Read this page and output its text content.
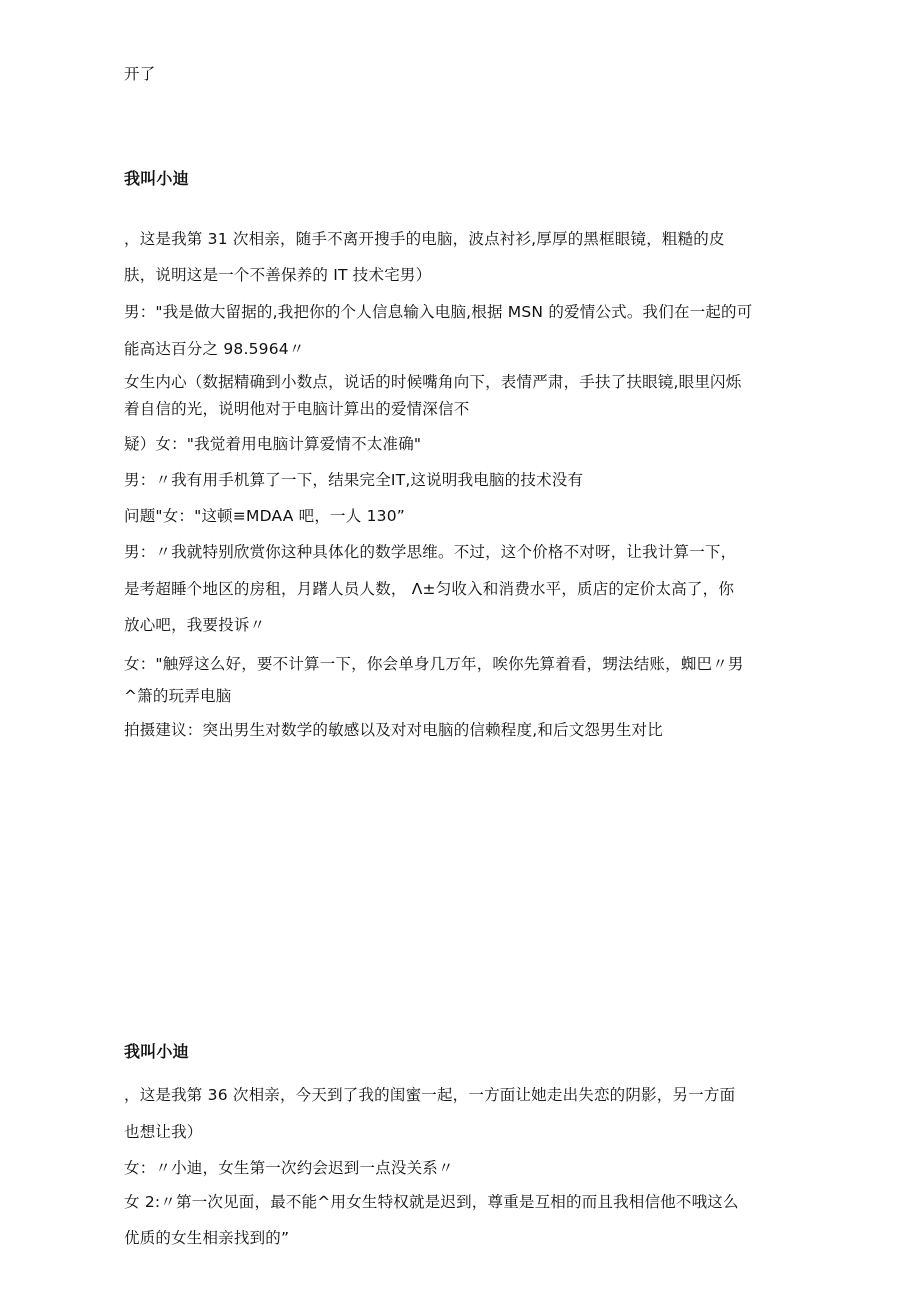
开了
我叫小迪
，这是我第 31 次相亲，随手不离开搜手的电脑，波点衬衫,厚厚的黑框眼镜，粗糙的皮
肤，说明这是一个不善保养的 IT 技术宅男）
男："我是做大留据的,我把你的个人信息输入电脑,根据 MSN 的爱情公式。我们在一起的可
能高达百分之 98.5964〃
女生内心（数据精确到小数点，说话的时候嘴角向下，表情严肃，手扶了扶眼镜,眼里闪烁
着自信的光，说明他对于电脑计算出的爱情深信不
疑）女："我觉着用电脑计算爱情不太准确"
男：〃我有用手机算了一下，结果完全IT,这说明我电脑的技术没有
问题"女："这顿≡MDAA 吧，一人 130”
男：〃我就特别欣赏你这种具体化的数学思维。不过，这个价格不对呀，让我计算一下，
是考超睡个地区的房租，月躇人员人数， Λ±匀收入和消费水平，质店的定价太高了，你
放心吧，我要投诉〃
女："触殍这么好，要不计算一下，你会单身几万年，唉你先算着看，甥法结账，蜘巴〃男
^箫的玩弄电脑
拍摄建议：突出男生对数学的敏感以及对对电脑的信赖程度,和后文怨男生对比
我叫小迪
，这是我第 36 次相亲，今天到了我的闺蜜一起，一方面让她走出失恋的阴影，另一方面
也想让我）
女：〃小迪，女生第一次约会迟到一点没关系〃
女 2:〃第一次见面，最不能^用女生特权就是迟到，尊重是互相的而且我相信他不哦这么
优质的女生相亲找到的”
